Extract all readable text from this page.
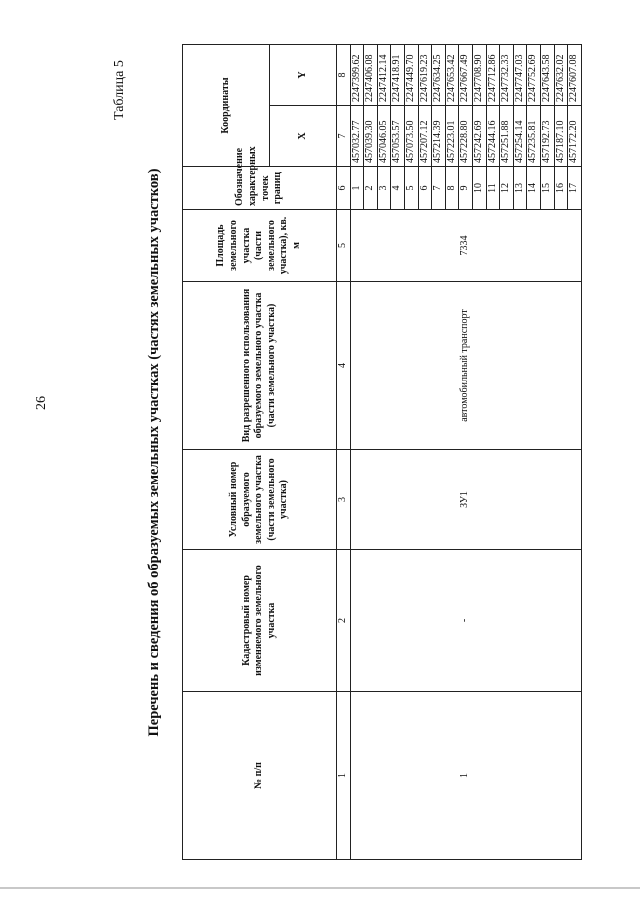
26
Таблица 5
Перечень и сведения об образуемых земельных участках (частях земельных участков)
№ п/п	Кадастровый номер изменяемого земельного участка	Условный номер образуемого земельного участка (части земельного участка)	Вид разрешенного использования образуемого земельного участка (части земельного участка)	Площадь земельного участка (части земельного участка), кв. м	Обозначение характерных точек границ	Координаты	
						X	Y
1	2	3	4	5	6	7	8
1	-	ЗУ1	автомобильный транспорт	7334	1	457032.77	2247399.62
					2	457039.30	2247406.08
					3	457046.05	2247412.14
					4	457053.57	2247418.91
					5	457073.50	2247449.70
					6	457207.12	2247619.23
					7	457214.39	2247634.25
					8	457223.01	2247653.42
					9	457228.80	2247667.49
					10	457242.69	2247708.90
					11	457244.16	2247712.86
					12	457251.88	2247732.33
					13	457254.14	2247747.03
					14	457235.81	2247752.69
					15	457192.73	2247643.58
					16	457187.10	2247632.02
					17	457172.20	2247607.08
